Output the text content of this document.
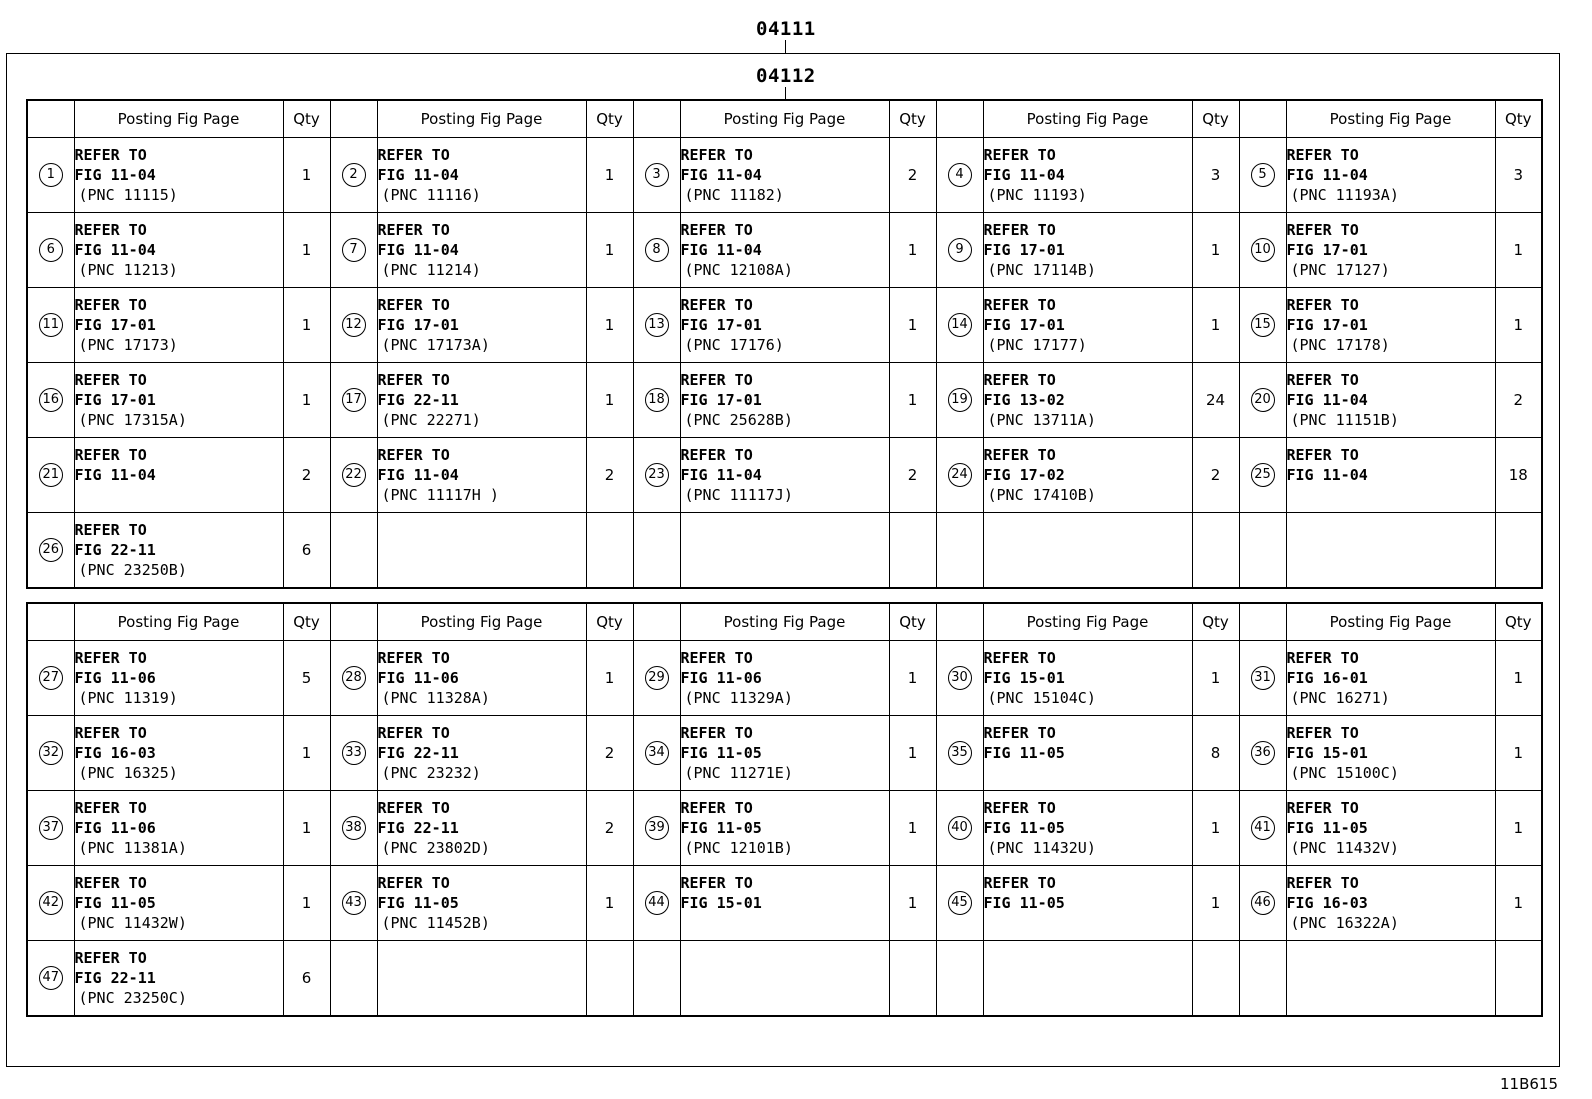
04111
04112
	Posting Fig Page	Qty		Posting Fig Page	Qty		Posting Fig Page	Qty		Posting Fig Page	Qty		Posting Fig Page	Qty
1	REFER TO
FIG 11-04
(PNC 11115)	1	2	REFER TO
FIG 11-04
(PNC 11116)	1	3	REFER TO
FIG 11-04
(PNC 11182)	2	4	REFER TO
FIG 11-04
(PNC 11193)	3	5	REFER TO
FIG 11-04
(PNC 11193A)	3
6	REFER TO
FIG 11-04
(PNC 11213)	1	7	REFER TO
FIG 11-04
(PNC 11214)	1	8	REFER TO
FIG 11-04
(PNC 12108A)	1	9	REFER TO
FIG 17-01
(PNC 17114B)	1	10	REFER TO
FIG 17-01
(PNC 17127)	1
11	REFER TO
FIG 17-01
(PNC 17173)	1	12	REFER TO
FIG 17-01
(PNC 17173A)	1	13	REFER TO
FIG 17-01
(PNC 17176)	1	14	REFER TO
FIG 17-01
(PNC 17177)	1	15	REFER TO
FIG 17-01
(PNC 17178)	1
16	REFER TO
FIG 17-01
(PNC 17315A)	1	17	REFER TO
FIG 22-11
(PNC 22271)	1	18	REFER TO
FIG 17-01
(PNC 25628B)	1	19	REFER TO
FIG 13-02
(PNC 13711A)	24	20	REFER TO
FIG 11-04
(PNC 11151B)	2
21	REFER TO
FIG 11-04	2	22	REFER TO
FIG 11-04
(PNC 11117H )	2	23	REFER TO
FIG 11-04
(PNC 11117J)	2	24	REFER TO
FIG 17-02
(PNC 17410B)	2	25	REFER TO
FIG 11-04	18
26	REFER TO
FIG 22-11
(PNC 23250B)	6		

	Posting Fig Page	Qty		Posting Fig Page	Qty		Posting Fig Page	Qty		Posting Fig Page	Qty		Posting Fig Page	Qty
27	REFER TO
FIG 11-06
(PNC 11319)	5	28	REFER TO
FIG 11-06
(PNC 11328A)	1	29	REFER TO
FIG 11-06
(PNC 11329A)	1	30	REFER TO
FIG 15-01
(PNC 15104C)	1	31	REFER TO
FIG 16-01
(PNC 16271)	1
32	REFER TO
FIG 16-03
(PNC 16325)	1	33	REFER TO
FIG 22-11
(PNC 23232)	2	34	REFER TO
FIG 11-05
(PNC 11271E)	1	35	REFER TO
FIG 11-05	8	36	REFER TO
FIG 15-01
(PNC 15100C)	1
37	REFER TO
FIG 11-06
(PNC 11381A)	1	38	REFER TO
FIG 22-11
(PNC 23802D)	2	39	REFER TO
FIG 11-05
(PNC 12101B)	1	40	REFER TO
FIG 11-05
(PNC 11432U)	1	41	REFER TO
FIG 11-05
(PNC 11432V)	1
42	REFER TO
FIG 11-05
(PNC 11432W)	1	43	REFER TO
FIG 11-05
(PNC 11452B)	1	44	REFER TO
FIG 15-01	1	45	REFER TO
FIG 11-05	1	46	REFER TO
FIG 16-03
(PNC 16322A)	1
47	REFER TO
FIG 22-11
(PNC 23250C)	6		

11B615
